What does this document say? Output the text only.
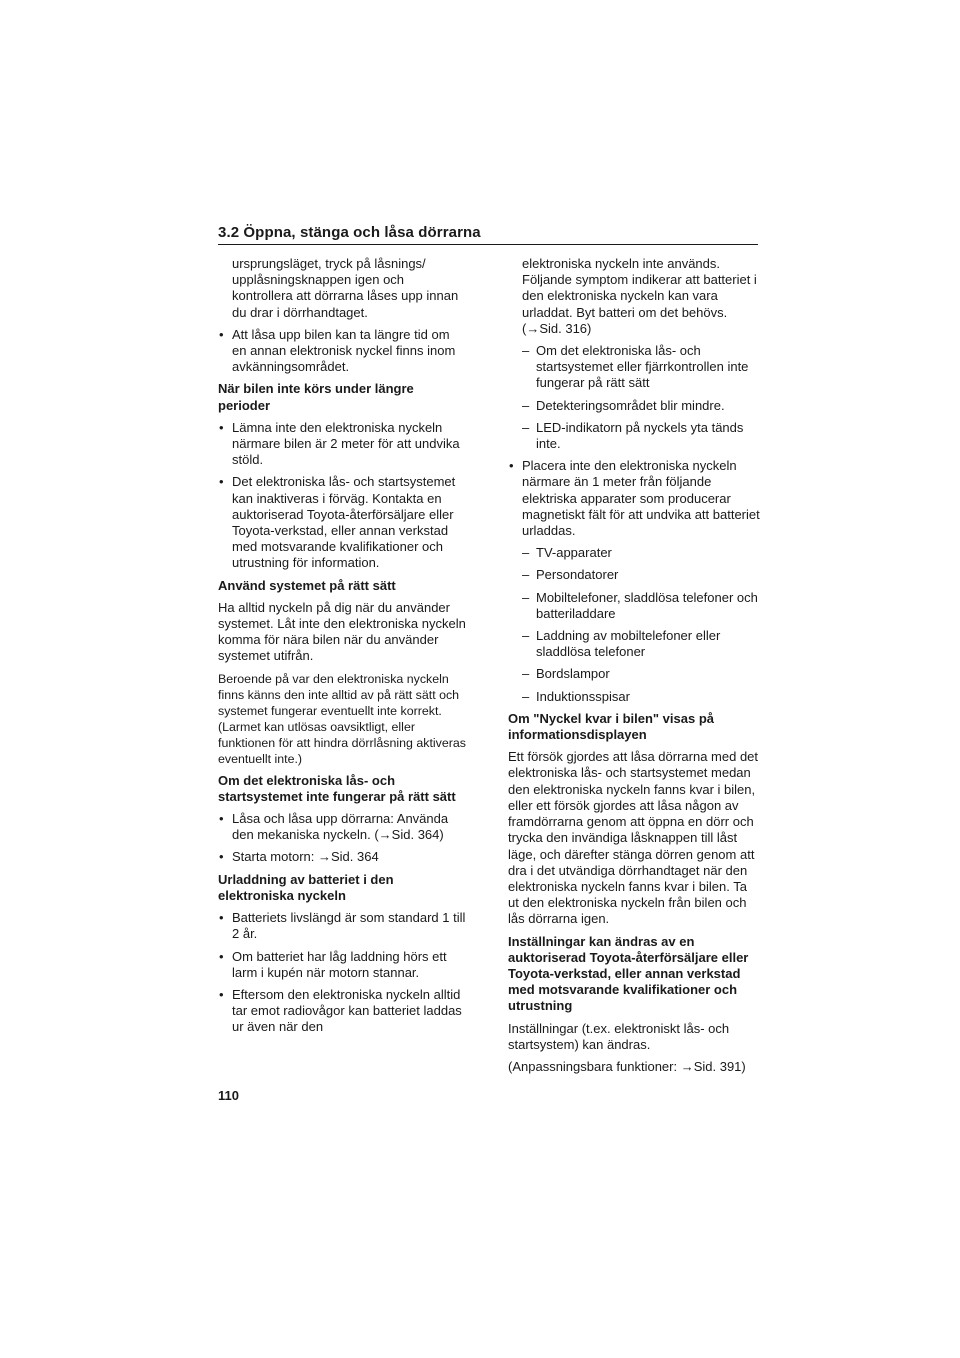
3.2 Öppna, stänga och låsa dörrarna

ursprungsläget, tryck på låsnings/ upplåsningsknappen igen och kontrollera att dörrarna låses upp innan du drar i dörrhandtaget.

• Att låsa upp bilen kan ta längre tid om en annan elektronisk nyckel finns inom avkänningsområdet.

När bilen inte körs under längre perioder

• Lämna inte den elektroniska nyckeln närmare bilen är 2 meter för att undvika stöld.

• Det elektroniska lås- och startsystemet kan inaktiveras i förväg. Kontakta en auktoriserad Toyota-återförsäljare eller Toyota-verkstad, eller annan verkstad med motsvarande kvalifikationer och utrustning för information.

Använd systemet på rätt sätt

Ha alltid nyckeln på dig när du använder systemet. Låt inte den elektroniska nyckeln komma för nära bilen när du använder systemet utifrån.

Beroende på var den elektroniska nyckeln finns känns den inte alltid av på rätt sätt och systemet fungerar eventuellt inte korrekt. (Larmet kan utlösas oavsiktligt, eller funktionen för att hindra dörrlåsning aktiveras eventuellt inte.)

Om det elektroniska lås- och startsystemet inte fungerar på rätt sätt

• Låsa och låsa upp dörrarna: Använda den mekaniska nyckeln. (→Sid. 364)

• Starta motorn: →Sid. 364

Urladdning av batteriet i den elektroniska nyckeln

• Batteriets livslängd är som standard 1 till 2 år.

• Om batteriet har låg laddning hörs ett larm i kupén när motorn stannar.

• Eftersom den elektroniska nyckeln alltid tar emot radiovågor kan batteriet laddas ur även när den

elektroniska nyckeln inte används. Följande symptom indikerar att batteriet i den elektroniska nyckeln kan vara urladdat. Byt batteri om det behövs. (→Sid. 316)

– Om det elektroniska lås- och startsystemet eller fjärrkontrollen inte fungerar på rätt sätt

– Detekteringsområdet blir mindre.

– LED-indikatorn på nyckels yta tänds inte.

• Placera inte den elektroniska nyckeln närmare än 1 meter från följande elektriska apparater som producerar magnetiskt fält för att undvika att batteriet urladdas.

– TV-apparater

– Persondatorer

– Mobiltelefoner, sladdlösa telefoner och batteriladdare

– Laddning av mobiltelefoner eller sladdlösa telefoner

– Bordslampor

– Induktionsspisar

Om "Nyckel kvar i bilen" visas på informationsdisplayen

Ett försök gjordes att låsa dörrarna med det elektroniska lås- och startsystemet medan den elektroniska nyckeln fanns kvar i bilen, eller ett försök gjordes att låsa någon av framdörrarna genom att öppna en dörr och trycka den invändiga låsknappen till låst läge, och därefter stänga dörren genom att dra i det utvändiga dörrhandtaget när den elektroniska nyckeln fanns kvar i bilen. Ta ut den elektroniska nyckeln från bilen och lås dörrarna igen.

Inställningar kan ändras av en auktoriserad Toyota-återförsäljare eller Toyota-verkstad, eller annan verkstad med motsvarande kvalifikationer och utrustning

Inställningar (t.ex. elektroniskt lås- och startsystem) kan ändras.

(Anpassningsbara funktioner: →Sid. 391)

110
